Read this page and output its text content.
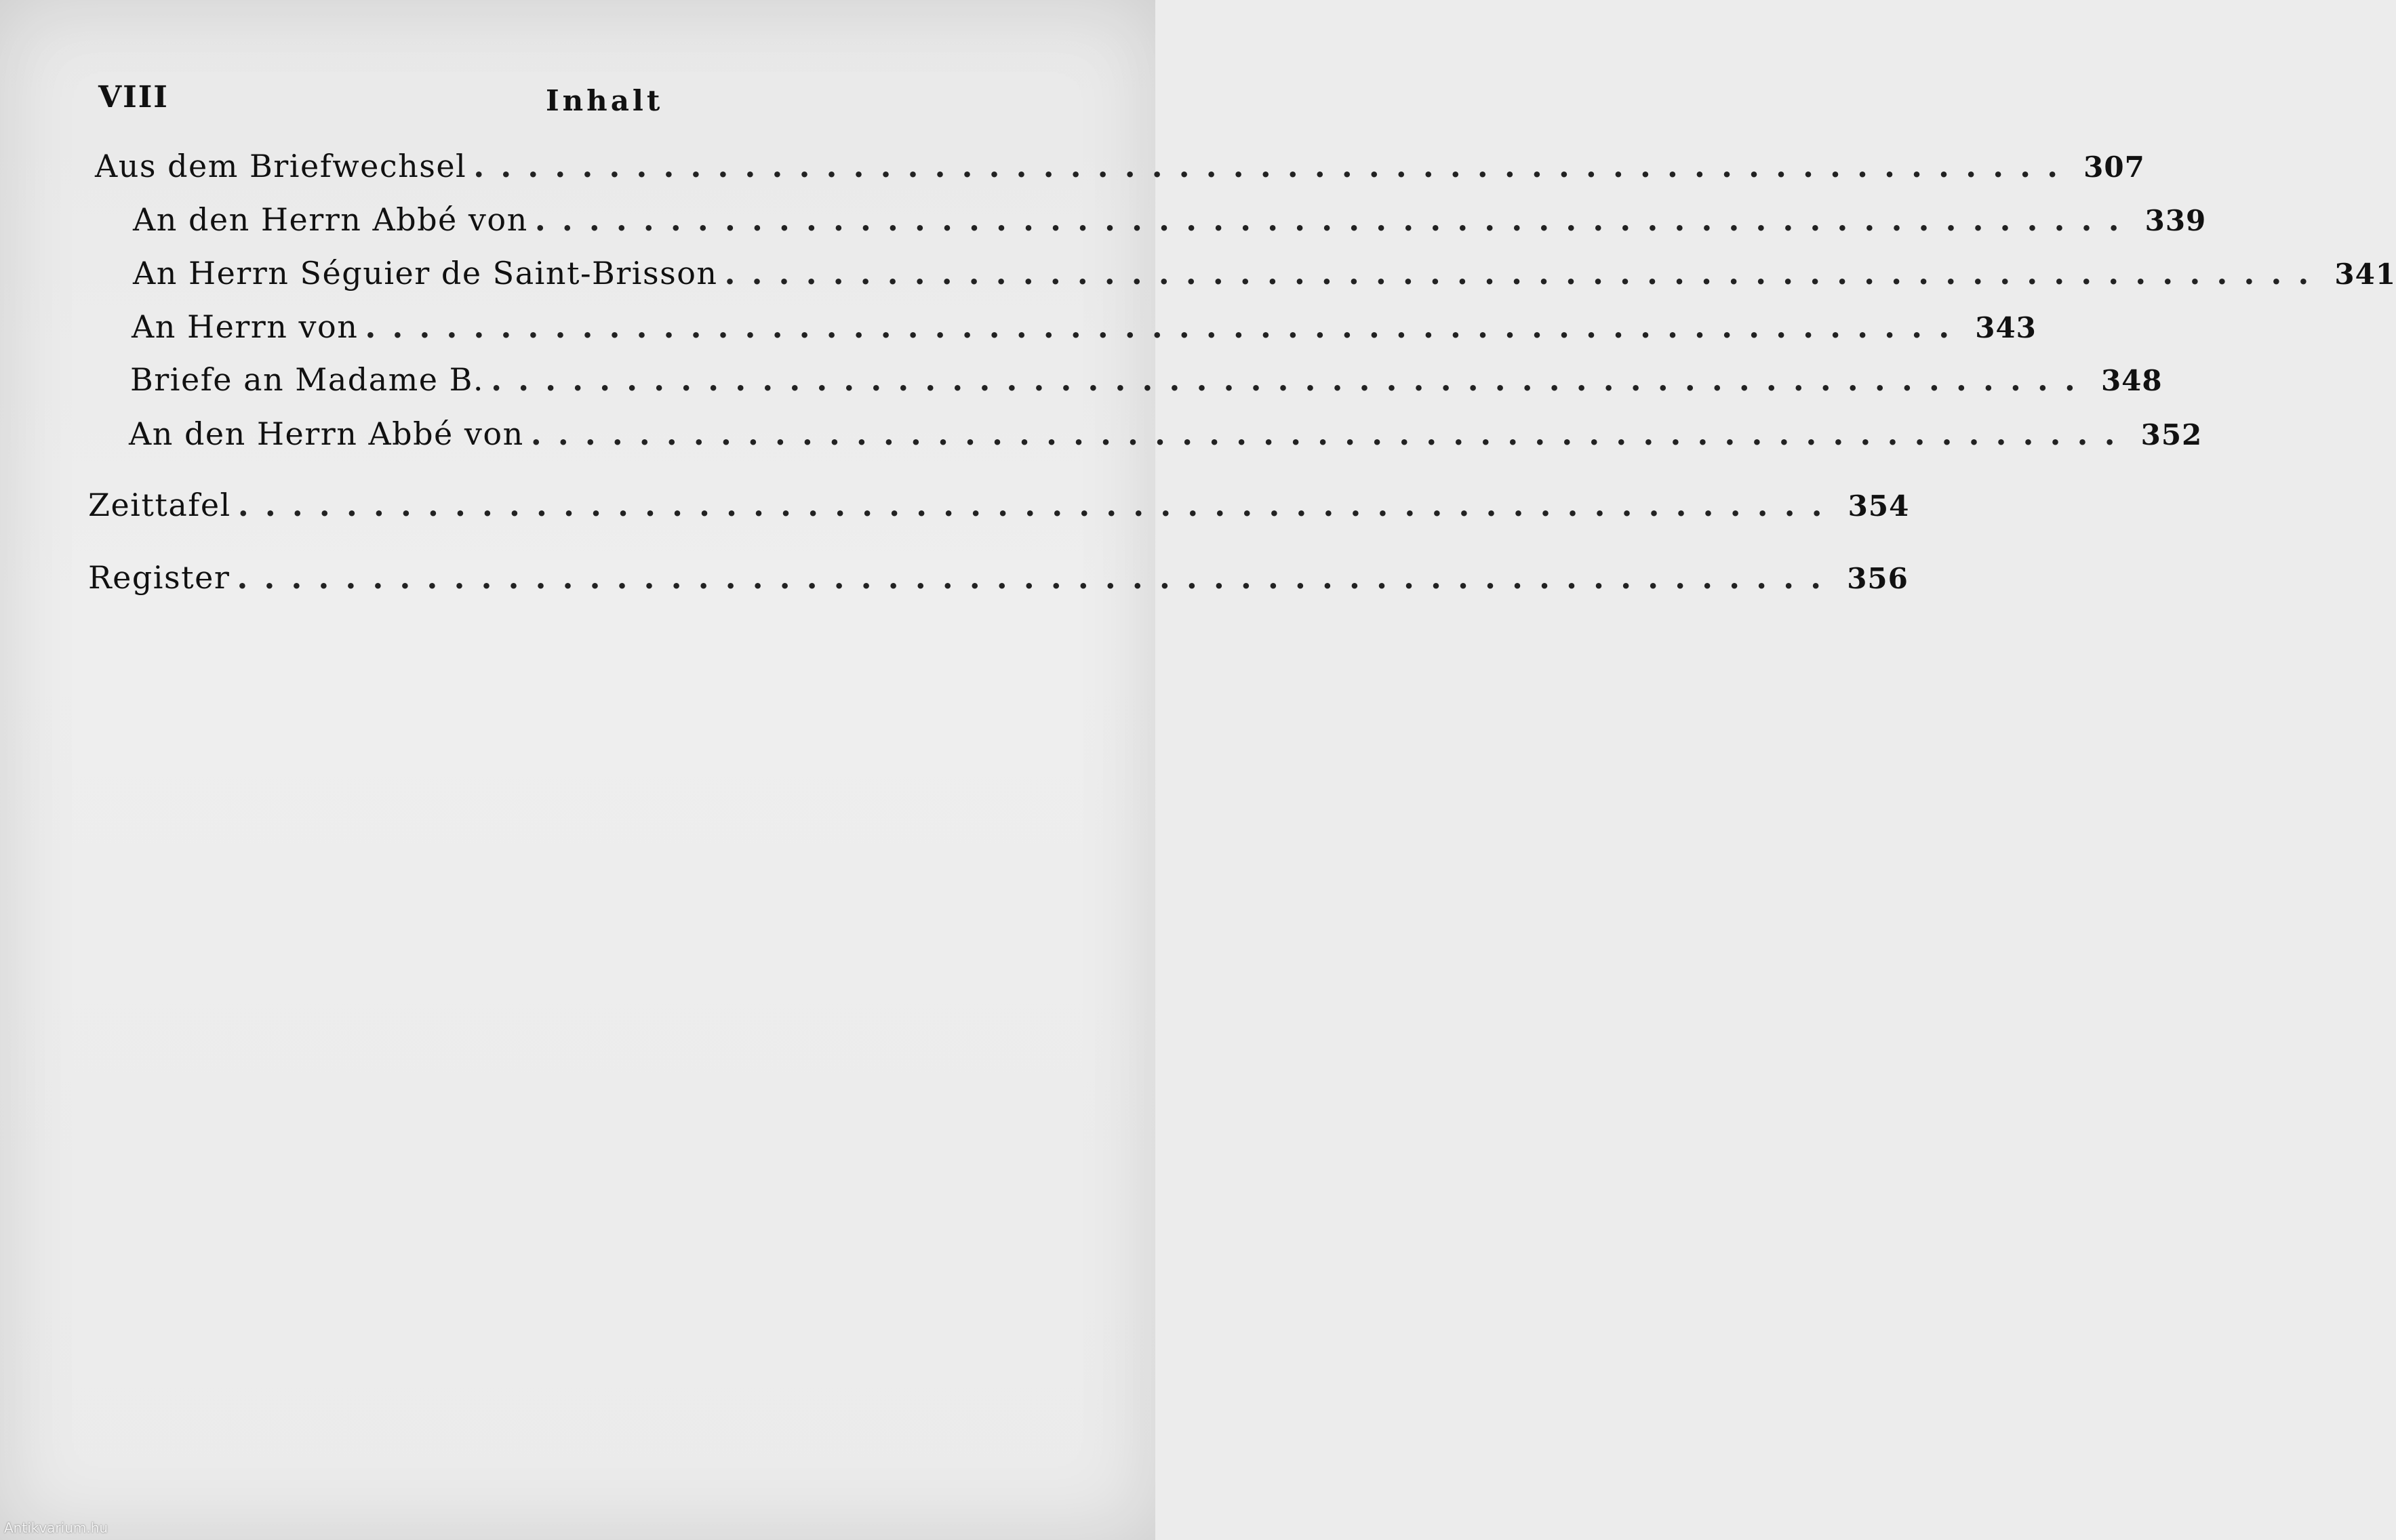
VIII	Inhalt
Aus dem Briefwechsel ........................................................... 307
An den Herrn Abbé von ........................................................... 339
An Herrn Séguier de Saint-Brisson ........................................................... 341
An Herrn von ........................................................... 343
Briefe an Madame B. ........................................................... 348
An den Herrn Abbé von ........................................................... 352
Zeittafel ........................................................... 354
Register ........................................................... 356
Antikvarium.hu
